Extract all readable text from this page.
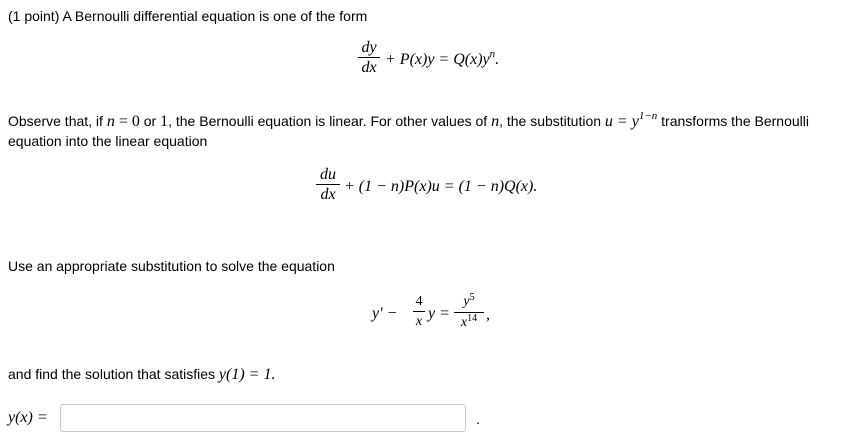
(1 point) A Bernoulli differential equation is one of the form
dy
dx + $P(x)y = Q(x)y^n$.
Observe that, if n = 0 or 1, the Bernoulli equation is linear. For other values of n, the substitution $u = y^{1-n}$ transforms the Bernoulli
equation into the linear equation
du
dx + (1 − n)P(x)u = (1 − n)Q(x).
Use an appropriate substitution to solve the equation
y′ −
4
x y =
$y^5$
$x^{14}$ ,
and find the solution that satisfies y(1) = 1.
y(x) =	.
